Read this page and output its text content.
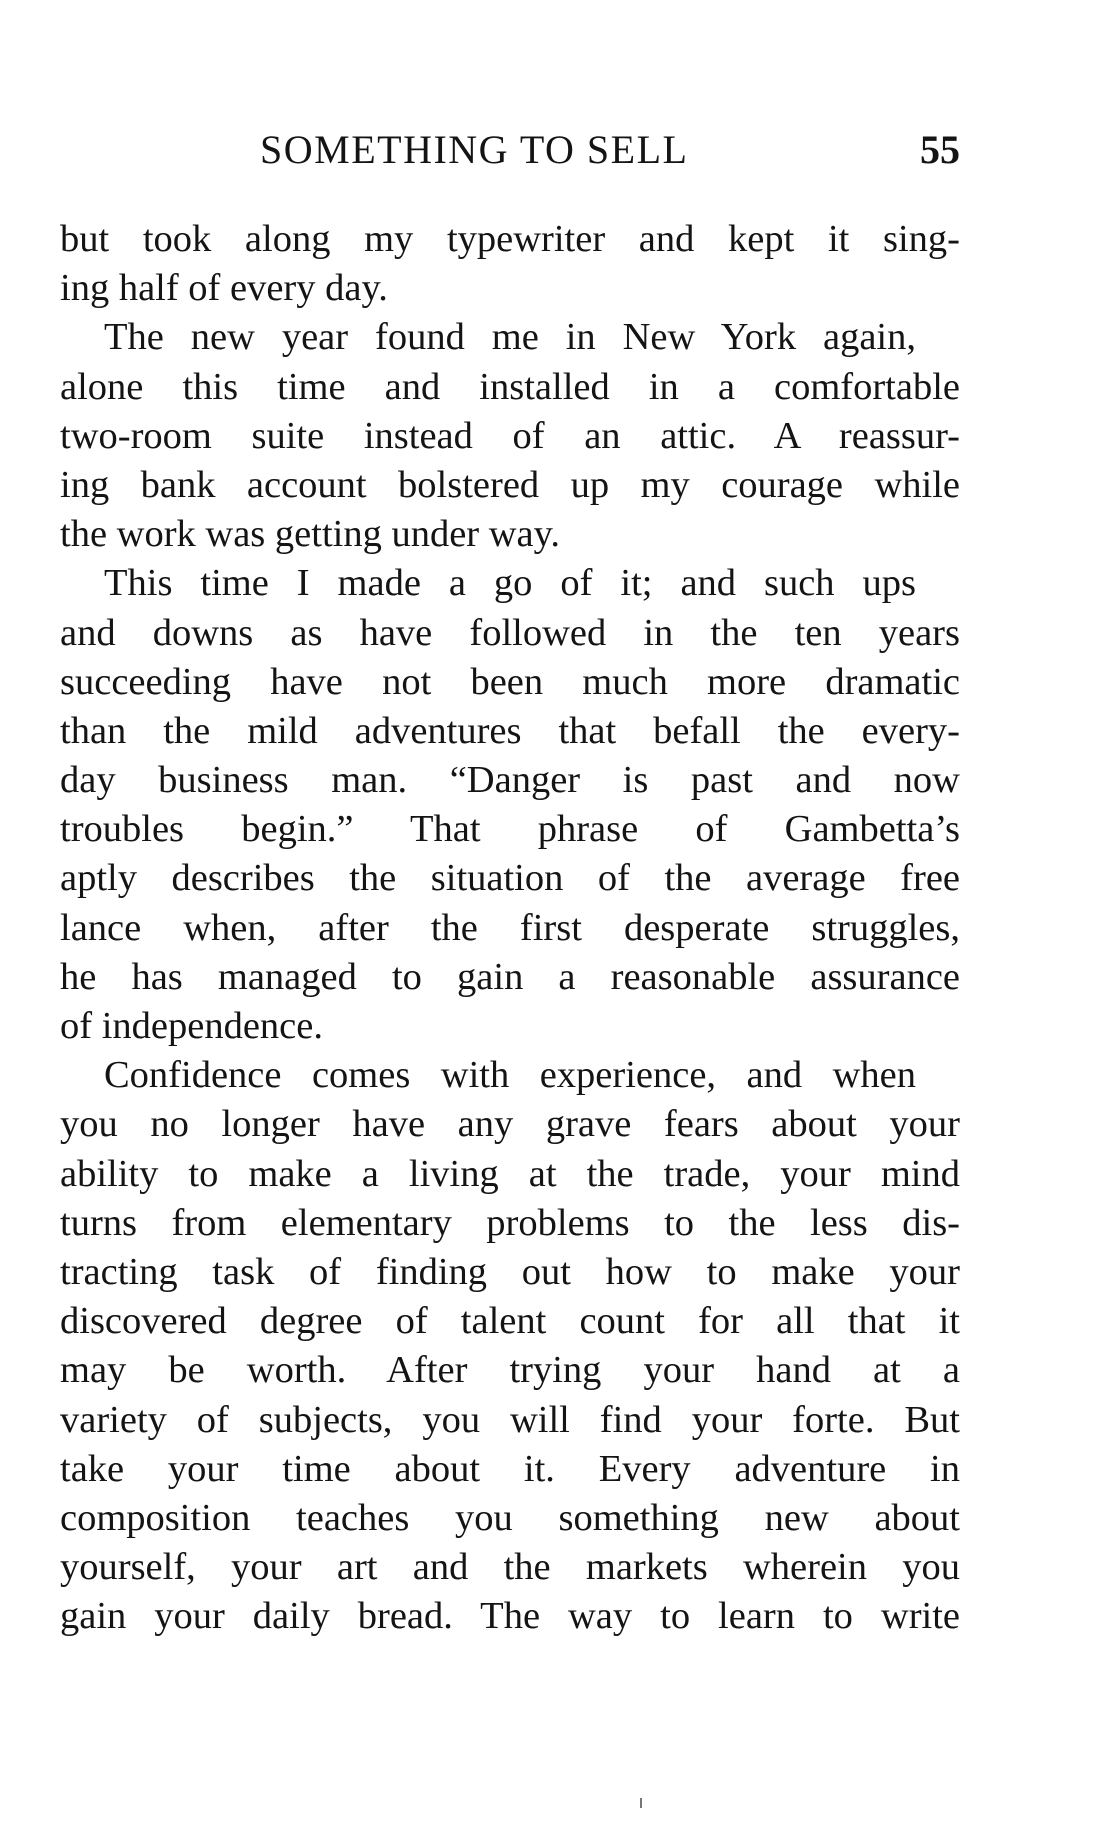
SOMETHING TO SELL	55
but took along my typewriter and kept it sing-
ing half of every day.
The new year found me in New York again,
alone this time and installed in a comfortable
two-room suite instead of an attic. A reassur-
ing bank account bolstered up my courage while
the work was getting under way.
This time I made a go of it; and such ups
and downs as have followed in the ten years
succeeding have not been much more dramatic
than the mild adventures that befall the every-
day business man. “Danger is past and now
troubles begin.” That phrase of Gambetta’s
aptly describes the situation of the average free
lance when, after the first desperate struggles,
he has managed to gain a reasonable assurance
of independence.
Confidence comes with experience, and when
you no longer have any grave fears about your
ability to make a living at the trade, your mind
turns from elementary problems to the less dis-
tracting task of finding out how to make your
discovered degree of talent count for all that it
may be worth. After trying your hand at a
variety of subjects, you will find your forte. But
take your time about it. Every adventure in
composition teaches you something new about
yourself, your art and the markets wherein you
gain your daily bread. The way to learn to write
